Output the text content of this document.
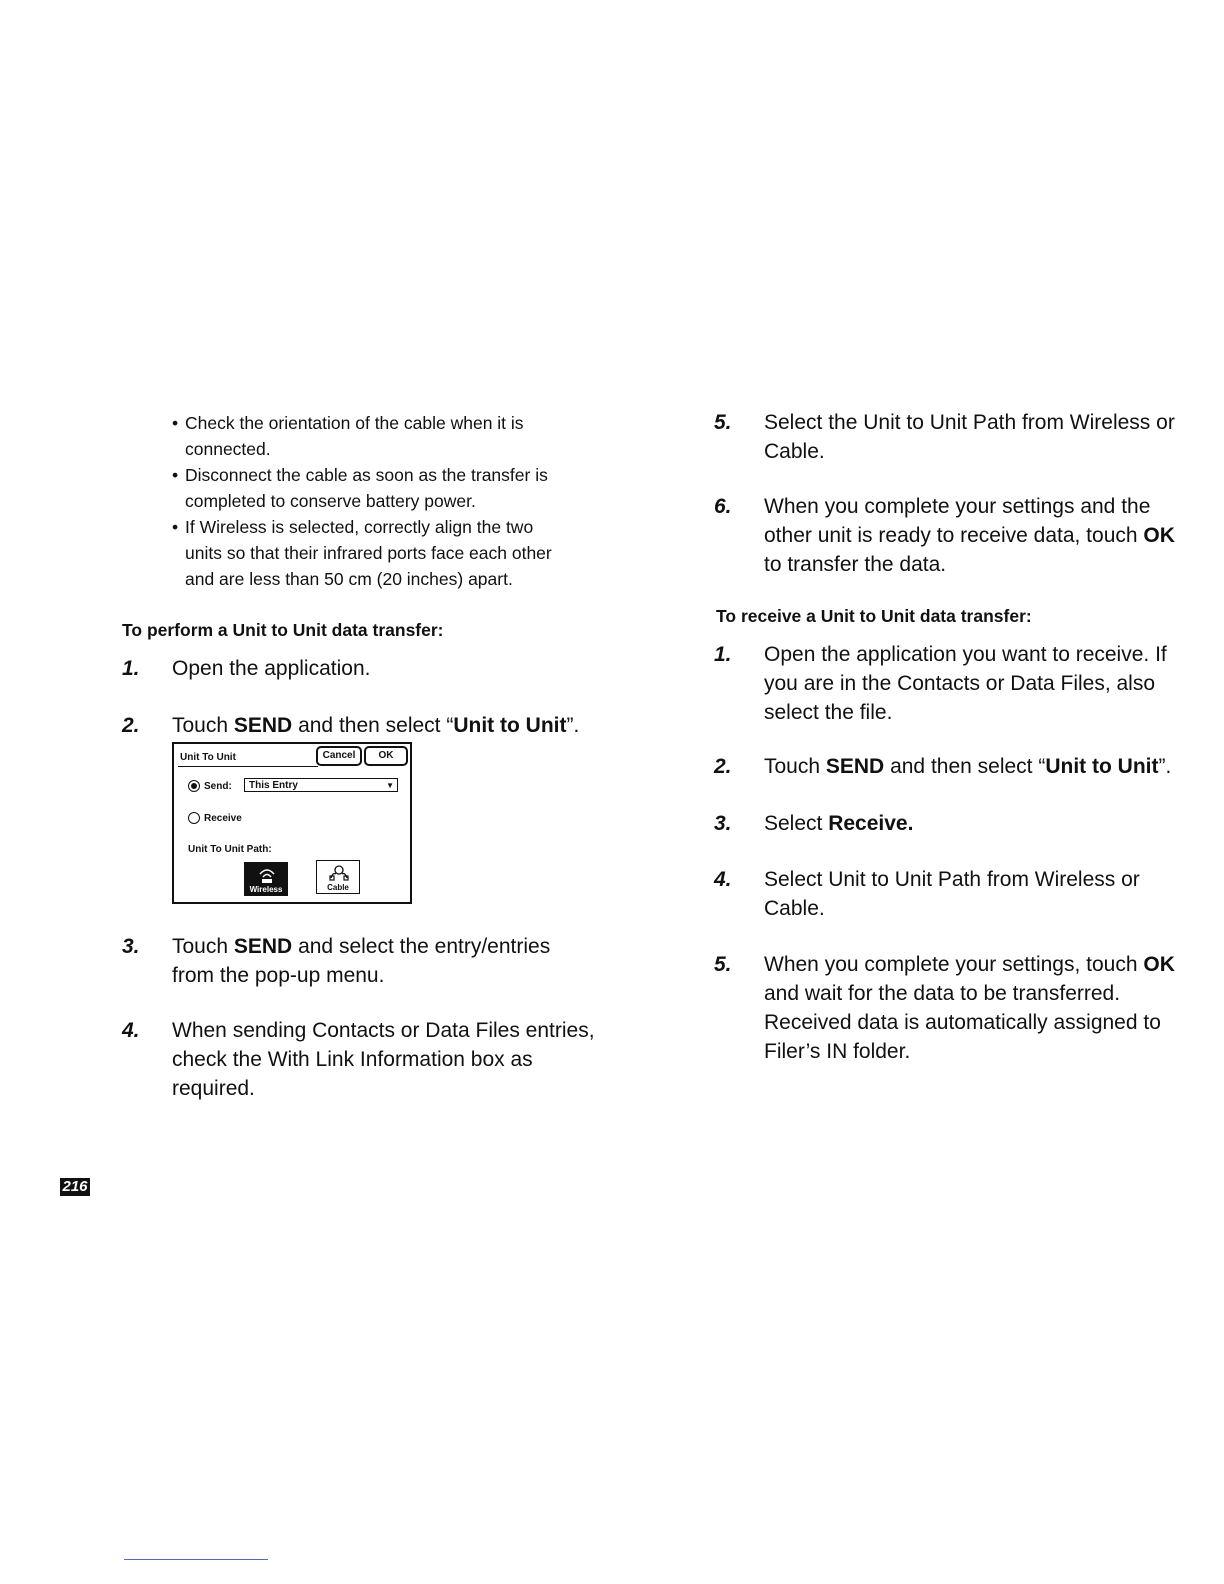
• Check the orientation of the cable when it is
connected.
• Disconnect the cable as soon as the transfer is
completed to conserve battery power.
• If Wireless is selected, correctly align the two
units so that their infrared ports face each other
and are less than 50 cm (20 inches) apart.
To perform a Unit to Unit data transfer:
1. Open the application.
2. Touch SEND and then select “Unit to Unit”.
Unit To Unit	Cancel	OK
Send:	This Entry	▼
Receive
Unit To Unit Path:
Wireless	Cable
3. Touch SEND and select the entry/entries
from the pop-up menu.
4. When sending Contacts or Data Files entries,
check the With Link Information box as
required.
5. Select the Unit to Unit Path from Wireless or
Cable.
6. When you complete your settings and the
other unit is ready to receive data, touch OK
to transfer the data.
To receive a Unit to Unit data transfer:
1. Open the application you want to receive. If
you are in the Contacts or Data Files, also
select the file.
2. Touch SEND and then select “Unit to Unit”.
3. Select Receive.
4. Select Unit to Unit Path from Wireless or
Cable.
5. When you complete your settings, touch OK
and wait for the data to be transferred.
Received data is automatically assigned to
Filer’s IN folder.
216
